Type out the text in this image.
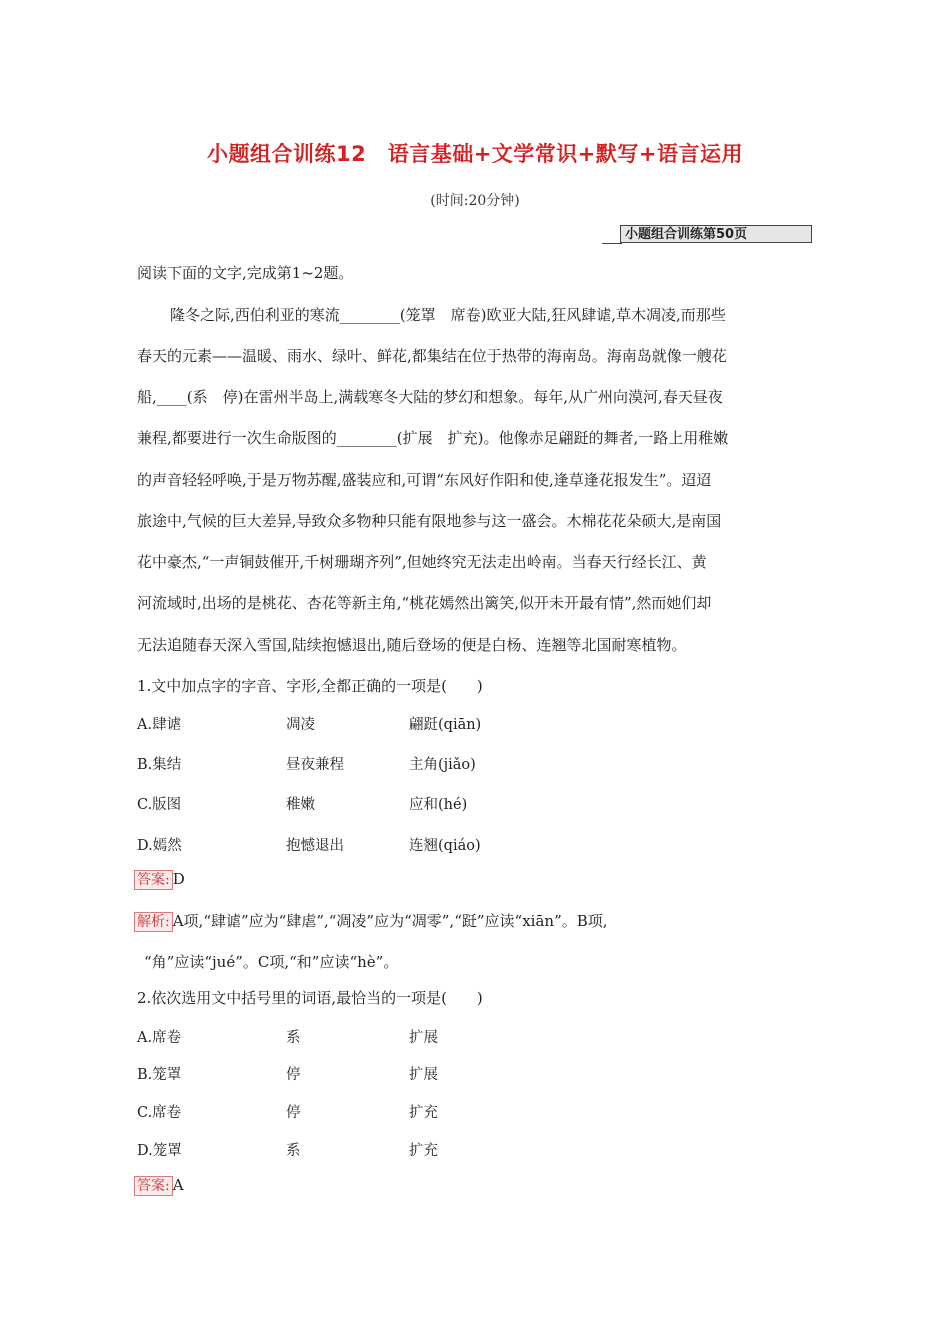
小题组合训练12　语言基础+文学常识+默写+语言运用
(时间:20分钟)
小题组合训练第50页
阅读下面的文字,完成第1~2题。
隆冬之际,西伯利亚的寒流________(笼罩　席卷)欧亚大陆,狂风肆谑,草木凋凌,而那些
春天的元素——温暖、雨水、绿叶、鲜花,都集结在位于热带的海南岛。海南岛就像一艘花
船,____(系　停)在雷州半岛上,满载寒冬大陆的梦幻和想象。每年,从广州向漠河,春天昼夜
兼程,都要进行一次生命版图的________(扩展　扩充)。他像赤足翩跹的舞者,一路上用稚嫩
的声音轻轻呼唤,于是万物苏醒,盛装应和,可谓“东风好作阳和使,逢草逢花报发生”。迢迢
旅途中,气候的巨大差异,导致众多物种只能有限地参与这一盛会。木棉花花朵硕大,是南国
花中豪杰,“一声铜鼓催开,千树珊瑚齐列”,但她终究无法走出岭南。当春天行经长江、黄
河流域时,出场的是桃花、杏花等新主角,“桃花嫣然出篱笑,似开未开最有情”,然而她们却
无法追随春天深入雪国,陆续抱憾退出,随后登场的便是白杨、连翘等北国耐寒植物。
1.文中加点字的字音、字形,全都正确的一项是(　　)
A.肆谑	凋凌	翩跹(qiān)
B.集结	昼夜兼程	主角(jiǎo)
C.版图	稚嫩	应和(hé)
D.嫣然	抱憾退出	连翘(qiáo)
答案: D
解析: A项,“肆谑”应为“肆虐”,“凋凌”应为“凋零”,“跹”应读“xiān”。B项,
“角”应读“jué”。C项,“和”应读“hè”。
2.依次选用文中括号里的词语,最恰当的一项是(　　)
A.席卷	系	扩展
B.笼罩	停	扩展
C.席卷	停	扩充
D.笼罩	系	扩充
答案: A
